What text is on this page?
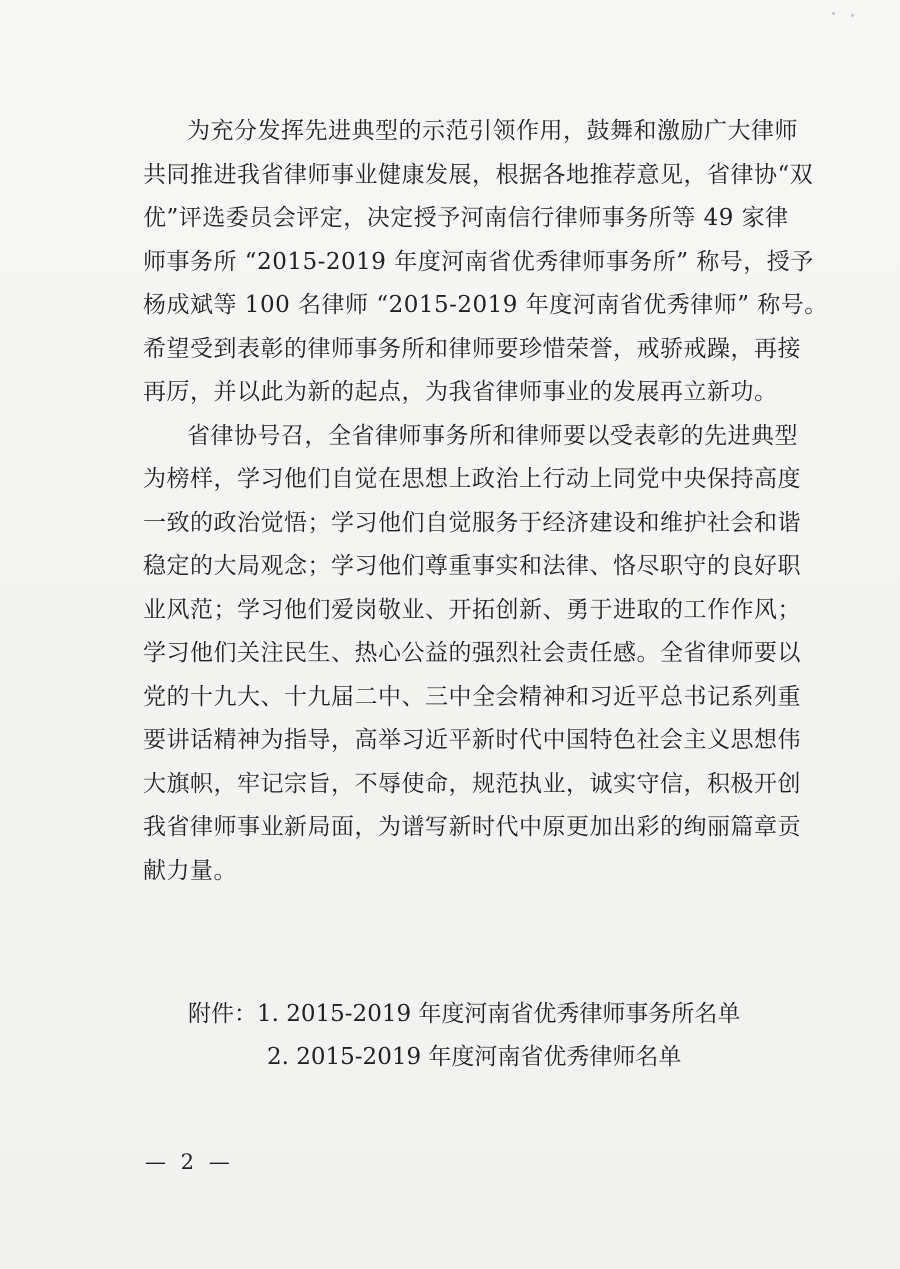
为充分发挥先进典型的示范引领作用，鼓舞和激励广大律师
共同推进我省律师事业健康发展，根据各地推荐意见，省律协“双
优”评选委员会评定，决定授予河南信行律师事务所等 49 家律
师事务所 “2015-2019 年度河南省优秀律师事务所” 称号，授予
杨成斌等 100 名律师 “2015-2019 年度河南省优秀律师” 称号。
希望受到表彰的律师事务所和律师要珍惜荣誉，戒骄戒躁，再接
再厉，并以此为新的起点，为我省律师事业的发展再立新功。
省律协号召，全省律师事务所和律师要以受表彰的先进典型
为榜样，学习他们自觉在思想上政治上行动上同党中央保持高度
一致的政治觉悟；学习他们自觉服务于经济建设和维护社会和谐
稳定的大局观念；学习他们尊重事实和法律、恪尽职守的良好职
业风范；学习他们爱岗敬业、开拓创新、勇于进取的工作作风；
学习他们关注民生、热心公益的强烈社会责任感。全省律师要以
党的十九大、十九届二中、三中全会精神和习近平总书记系列重
要讲话精神为指导，高举习近平新时代中国特色社会主义思想伟
大旗帜，牢记宗旨，不辱使命，规范执业，诚实守信，积极开创
我省律师事业新局面，为谱写新时代中原更加出彩的绚丽篇章贡
献力量。
附件：1. 2015-2019 年度河南省优秀律师事务所名单
2. 2015-2019 年度河南省优秀律师名单
— 2 —
